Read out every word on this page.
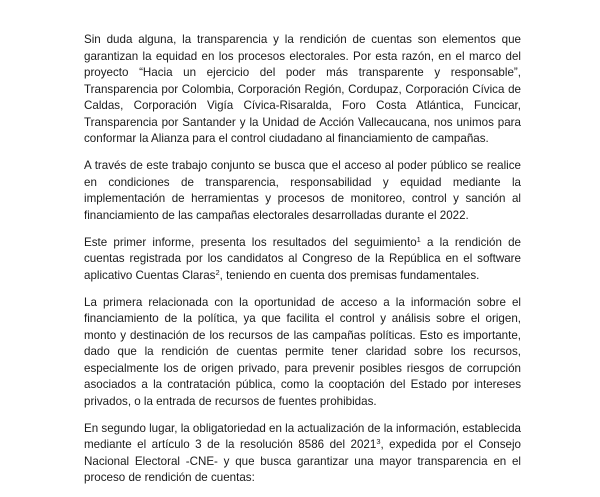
Sin duda alguna, la transparencia y la rendición de cuentas son elementos que garantizan la equidad en los procesos electorales. Por esta razón, en el marco del proyecto “Hacia un ejercicio del poder más transparente y responsable”, Transparencia por Colombia, Corporación Región, Cordupaz, Corporación Cívica de Caldas, Corporación Vigía Cívica-Risaralda, Foro Costa Atlántica, Funcicar, Transparencia por Santander y la Unidad de Acción Vallecaucana, nos unimos para conformar la Alianza para el control ciudadano al financiamiento de campañas.

A través de este trabajo conjunto se busca que el acceso al poder público se realice en condiciones de transparencia, responsabilidad y equidad mediante la implementación de herramientas y procesos de monitoreo, control y sanción al financiamiento de las campañas electorales desarrolladas durante el 2022.

Este primer informe, presenta los resultados del seguimiento$^1$ a la rendición de cuentas registrada por los candidatos al Congreso de la República en el software aplicativo Cuentas Claras$^2$, teniendo en cuenta dos premisas fundamentales.

La primera relacionada con la oportunidad de acceso a la información sobre el financiamiento de la política, ya que facilita el control y análisis sobre el origen, monto y destinación de los recursos de las campañas políticas. Esto es importante, dado que la rendición de cuentas permite tener claridad sobre los recursos, especialmente los de origen privado, para prevenir posibles riesgos de corrupción asociados a la contratación pública, como la cooptación del Estado por intereses privados, o la entrada de recursos de fuentes prohibidas.

En segundo lugar, la obligatoriedad en la actualización de la información, establecida mediante el artículo 3 de la resolución 8586 del 2021$^3$, expedida por el Consejo Nacional Electoral -CNE- y que busca garantizar una mayor transparencia en el proceso de rendición de cuentas:
